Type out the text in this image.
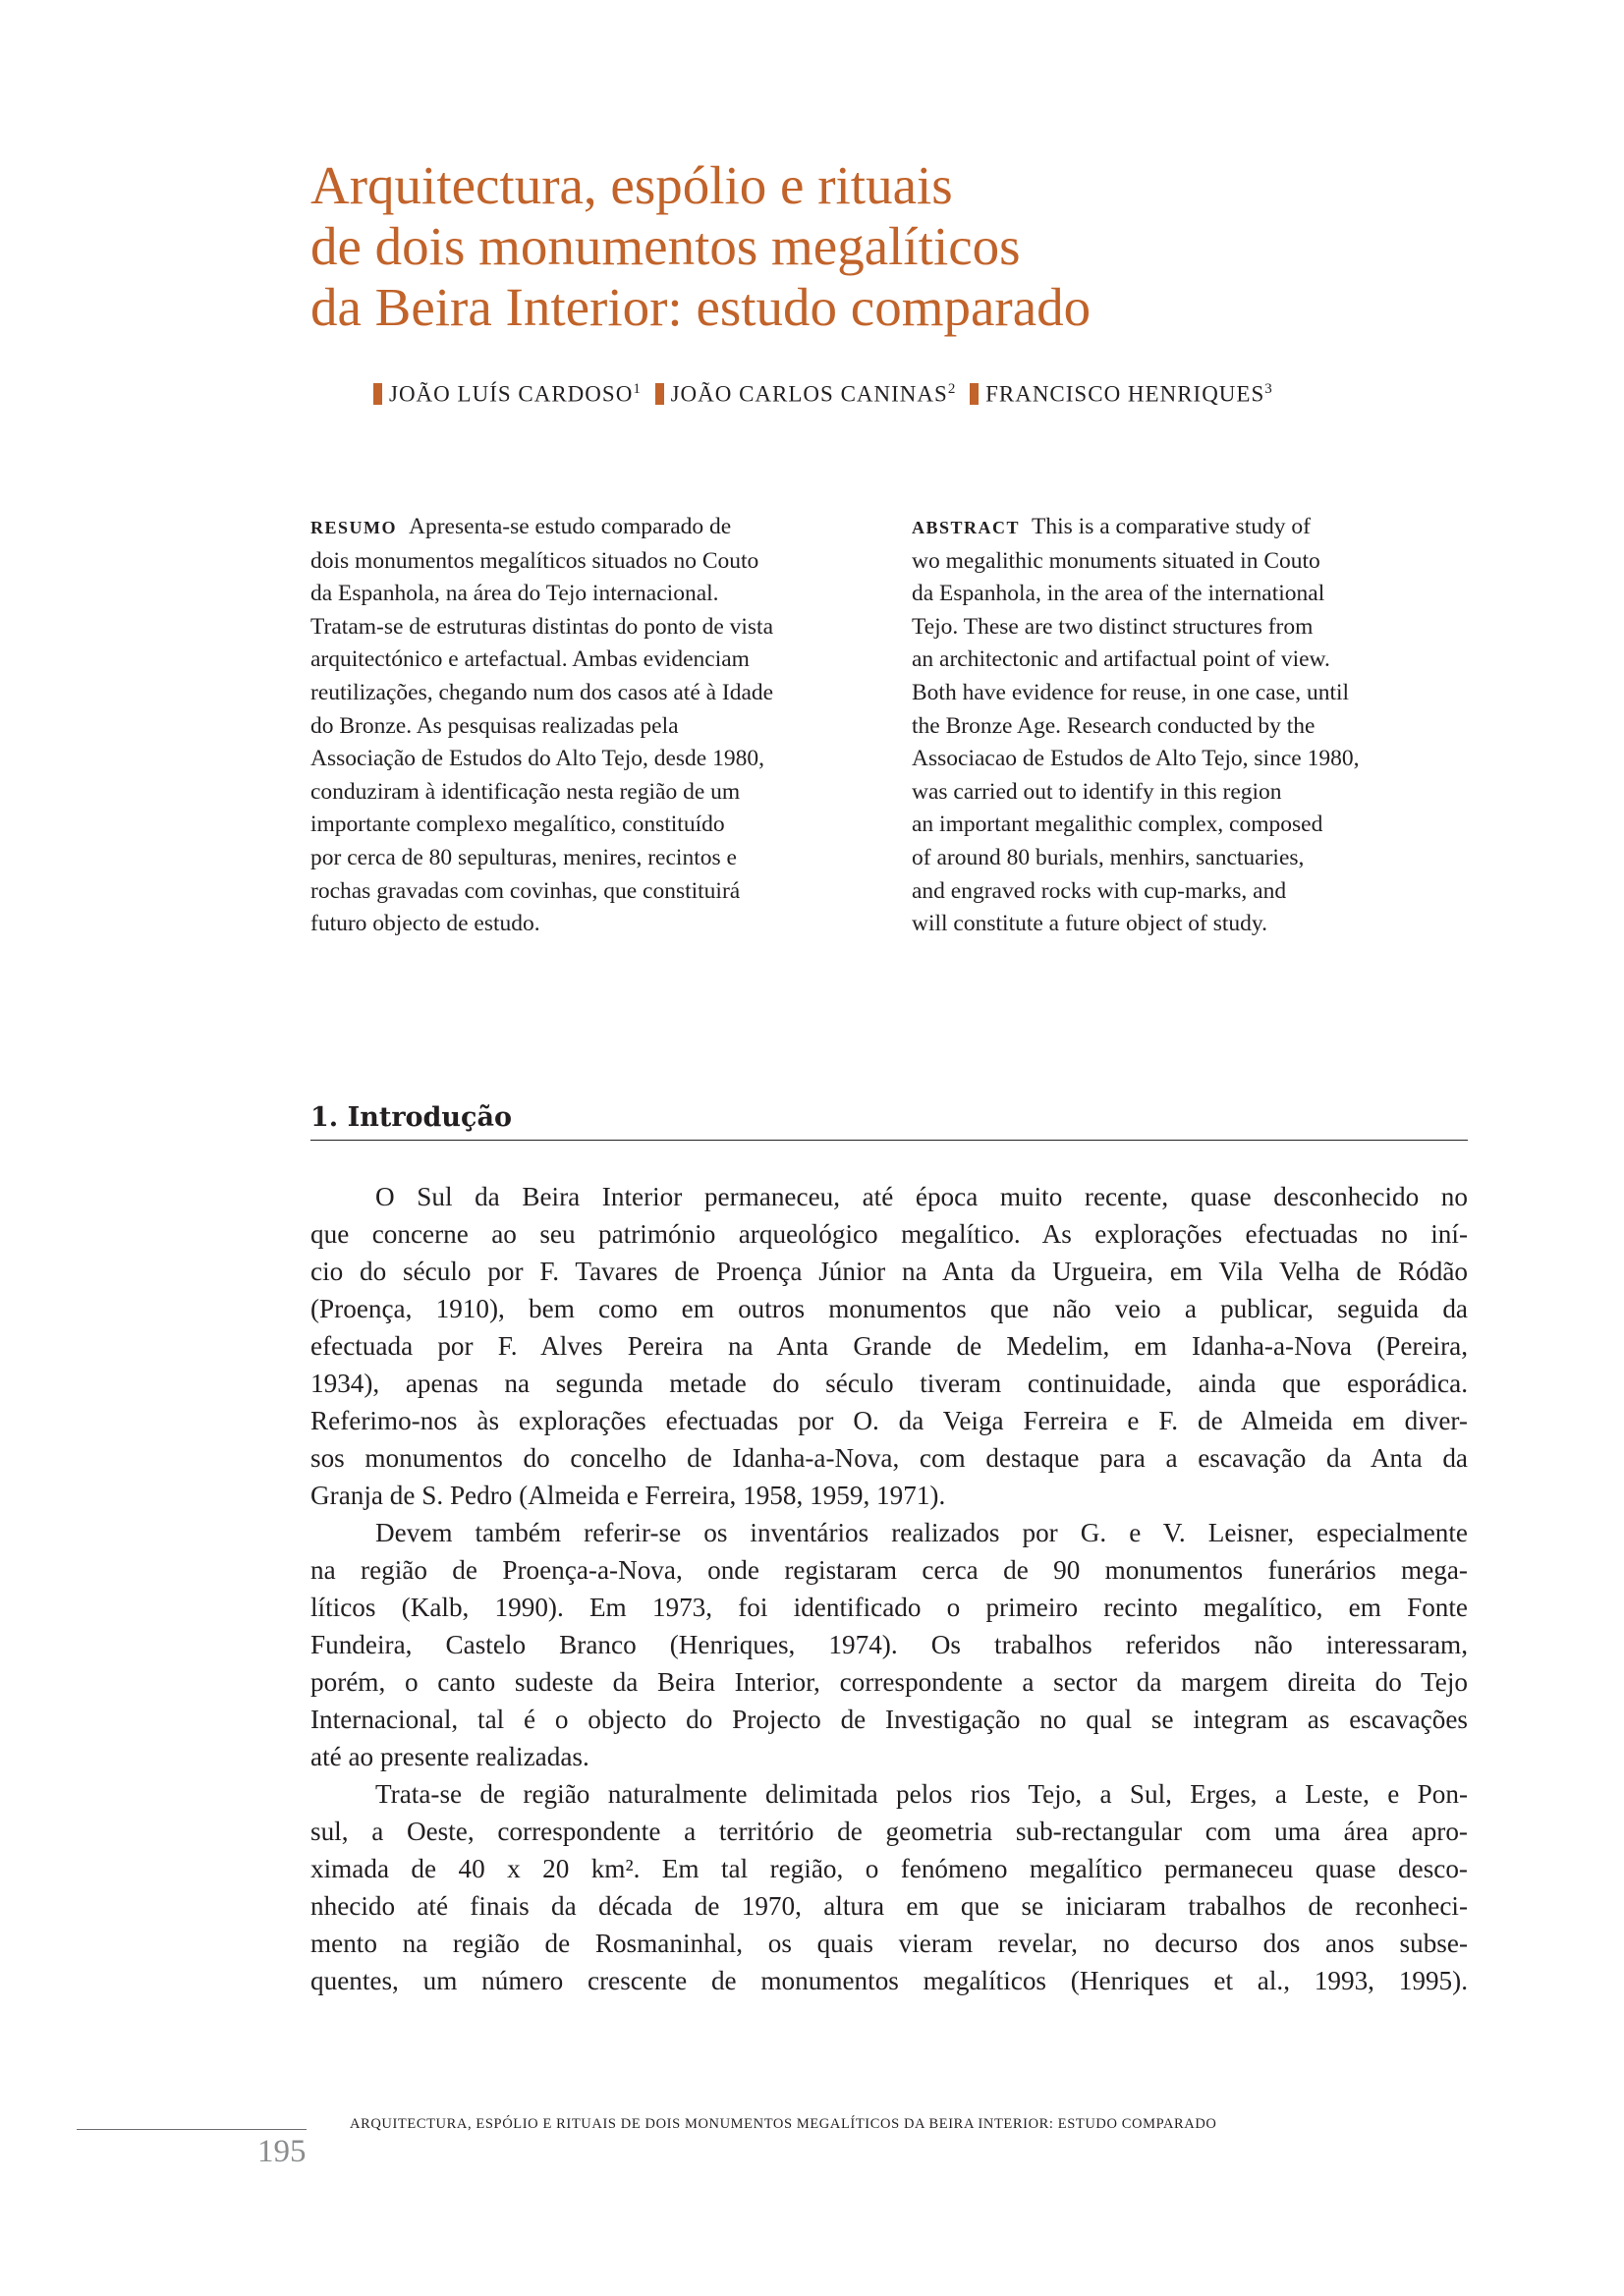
Arquitectura, espólio e rituais
de dois monumentos megalíticos
da Beira Interior: estudo comparado
JOÃO LUÍS CARDOSO$^1$ JOÃO CARLOS CANINAS$^2$ FRANCISCO HENRIQUES$^3$
RESUMO Apresenta-se estudo comparado de
dois monumentos megalíticos situados no Couto
da Espanhola, na área do Tejo internacional.
Tratam-se de estruturas distintas do ponto de vista
arquitectónico e artefactual. Ambas evidenciam
reutilizações, chegando num dos casos até à Idade
do Bronze. As pesquisas realizadas pela
Associação de Estudos do Alto Tejo, desde 1980,
conduziram à identificação nesta região de um
importante complexo megalítico, constituído
por cerca de 80 sepulturas, menires, recintos e
rochas gravadas com covinhas, que constituirá
futuro objecto de estudo.
ABSTRACT This is a comparative study of
wo megalithic monuments situated in Couto
da Espanhola, in the area of the international
Tejo. These are two distinct structures from
an architectonic and artifactual point of view.
Both have evidence for reuse, in one case, until
the Bronze Age. Research conducted by the
Associacao de Estudos de Alto Tejo, since 1980,
was carried out to identify in this region
an important megalithic complex, composed
of around 80 burials, menhirs, sanctuaries,
and engraved rocks with cup-marks, and
will constitute a future object of study.
1. Introdução
O Sul da Beira Interior permaneceu, até época muito recente, quase desconhecido no
que concerne ao seu património arqueológico megalítico. As explorações efectuadas no iní-
cio do século por F. Tavares de Proença Júnior na Anta da Urgueira, em Vila Velha de Ródão
(Proença, 1910), bem como em outros monumentos que não veio a publicar, seguida da
efectuada por F. Alves Pereira na Anta Grande de Medelim, em Idanha-a-Nova (Pereira,
1934), apenas na segunda metade do século tiveram continuidade, ainda que esporádica.
Referimo-nos às explorações efectuadas por O. da Veiga Ferreira e F. de Almeida em diver-
sos monumentos do concelho de Idanha-a-Nova, com destaque para a escavação da Anta da
Granja de S. Pedro (Almeida e Ferreira, 1958, 1959, 1971).
Devem também referir-se os inventários realizados por G. e V. Leisner, especialmente
na região de Proença-a-Nova, onde registaram cerca de 90 monumentos funerários mega-
líticos (Kalb, 1990). Em 1973, foi identificado o primeiro recinto megalítico, em Fonte
Fundeira, Castelo Branco (Henriques, 1974). Os trabalhos referidos não interessaram,
porém, o canto sudeste da Beira Interior, correspondente a sector da margem direita do Tejo
Internacional, tal é o objecto do Projecto de Investigação no qual se integram as escavações
até ao presente realizadas.
Trata-se de região naturalmente delimitada pelos rios Tejo, a Sul, Erges, a Leste, e Pon-
sul, a Oeste, correspondente a território de geometria sub-rectangular com uma área apro-
ximada de 40 x 20 km². Em tal região, o fenómeno megalítico permaneceu quase desco-
nhecido até finais da década de 1970, altura em que se iniciaram trabalhos de reconheci-
mento na região de Rosmaninhal, os quais vieram revelar, no decurso dos anos subse-
quentes, um número crescente de monumentos megalíticos (Henriques et al., 1993, 1995).
ARQUITECTURA, ESPÓLIO E RITUAIS DE DOIS MONUMENTOS MEGALÍTICOS DA BEIRA INTERIOR: ESTUDO COMPARADO
195
